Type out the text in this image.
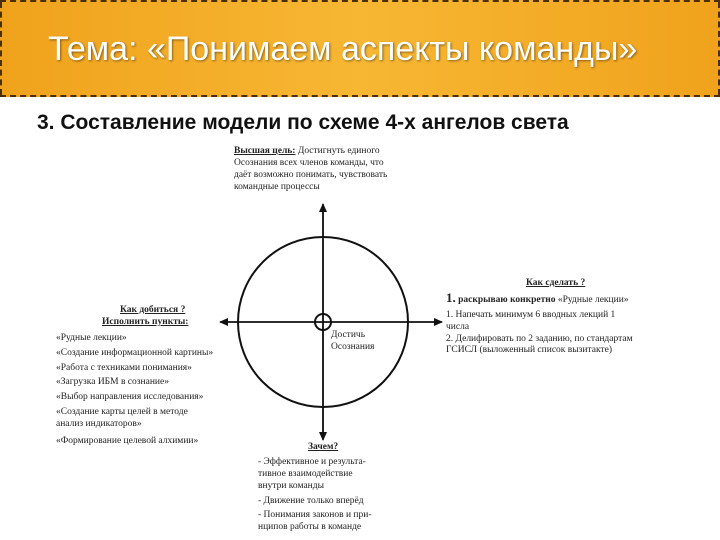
Тема: «Понимаем аспекты команды»
3. Составление модели по схеме 4-х ангелов света
Высшая цель: Достигнуть единого
Осознания всех членов команды, что
даёт возможно понимать, чувствовать
командные процессы
Как сделать ?
1. раскрываю конкретно «Рудные лекции»
1. Напечать минимум 6 вводных лекций 1
числа
2. Делифировать по 2 заданию, по стандартам
ГСИСЛ (выложенный список вызитакте)
Как добиться ?
Исполнить пункты:
«Рудные лекции»
«Создание информационной картины»
«Работа с техниками понимания»
«Загрузка ИБМ в сознание»
«Выбор направления исследования»
«Создание карты целей в методе
анализ индикаторов»
«Формирование целевой алхимии»
Достичь
Осознания
Зачем?
- Эффективное и результа-
тивное взаимодействие
внутри команды
- Движение только вперёд
- Понимания законов и при-
нципов работы в команде
